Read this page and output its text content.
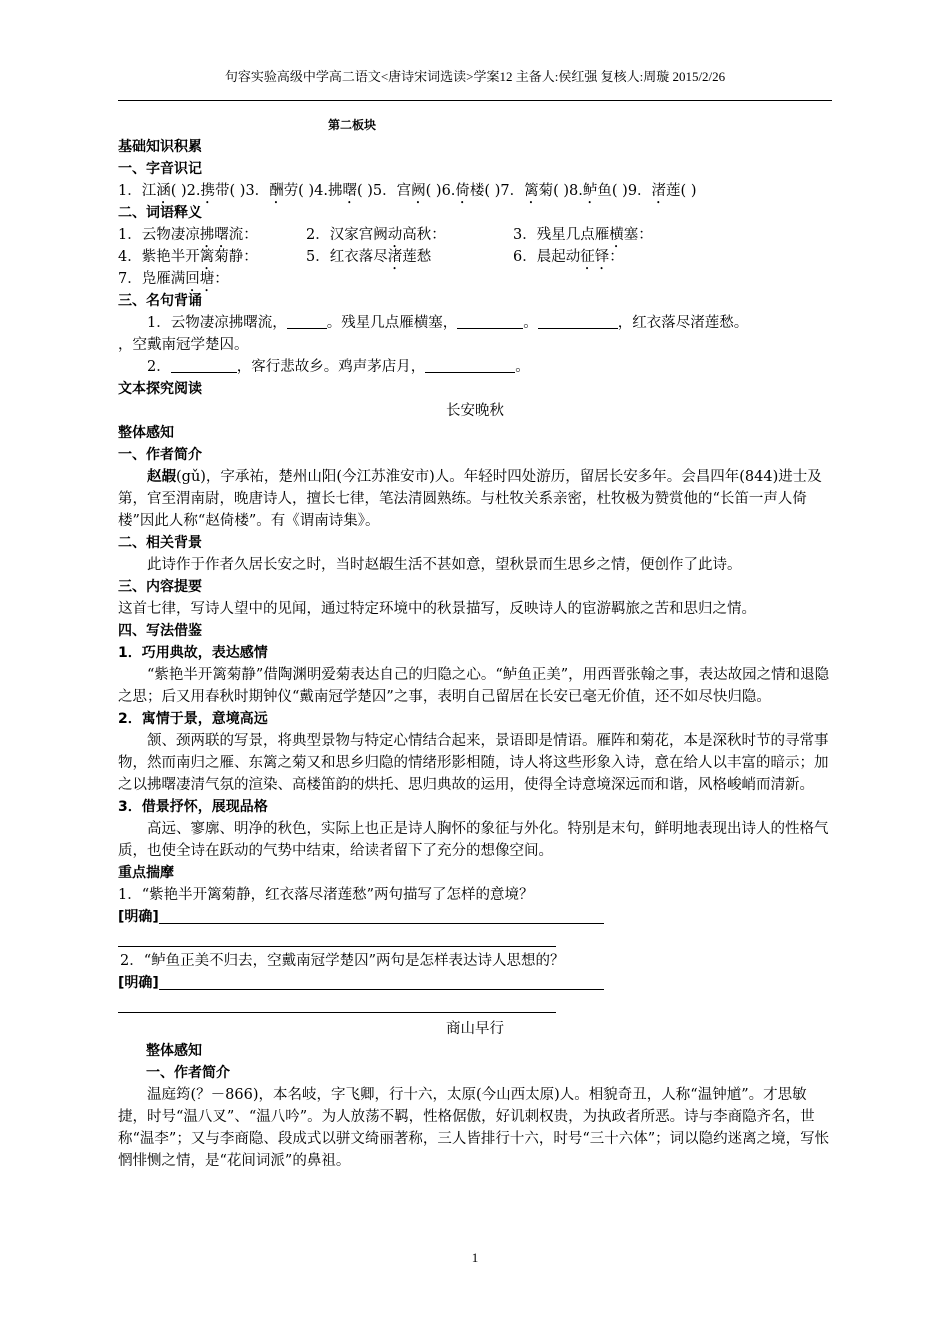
句容实验高级中学高二语文<唐诗宋词选读>学案12 主备人:侯红强 复核人:周璇 2015/2/26
第二板块
基础知识积累
一、字音识记
1．江涵( )2.携带( )3．酬劳( )4.拂曙( )5．宫阙( )6.倚楼( )7．篱菊( )8.鲈鱼( )9．渚莲( )
二、词语释义
1．云物凄凉拂曙流：	2．汉家宫阙动高秋：	3．残星几点雁横塞：
4．紫艳半开篱菊静：	5．红衣落尽渚莲愁	6．晨起动征铎：
7．凫雁满回塘：
三、名句背诵
1．云物凄凉拂曙流，	。残星几点雁横塞，	。	，红衣落尽渚莲愁。
，空戴南冠学楚囚。
2．	，客行悲故乡。鸡声茅店月，	。
文本探究阅读
长安晚秋
整体感知
一、作者简介
赵嘏(gǔ)，字承祐，楚州山阳(今江苏淮安市)人。年轻时四处游历，留居长安多年。会昌四年(844)进士及第，官至渭南尉，晚唐诗人，擅长七律，笔法清圆熟练。与杜牧关系亲密，杜牧极为赞赏他的“长笛一声人倚楼”因此人称“赵倚楼”。有《谓南诗集》。
二、相关背景
此诗作于作者久居长安之时，当时赵嘏生活不甚如意，望秋景而生思乡之情，便创作了此诗。
三、内容提要
这首七律，写诗人望中的见闻，通过特定环境中的秋景描写，反映诗人的宦游羁旅之苦和思归之情。
四、写法借鉴
1．巧用典故，表达感情
“紫艳半开篱菊静”借陶渊明爱菊表达自己的归隐之心。“鲈鱼正美”，用西晋张翰之事，表达故园之情和退隐之思；后又用春秋时期钟仪“戴南冠学楚囚”之事，表明自己留居在长安已毫无价值，还不如尽快归隐。
2．寓情于景，意境高远
颔、颈两联的写景，将典型景物与特定心情结合起来，景语即是情语。雁阵和菊花，本是深秋时节的寻常事物，然而南归之雁、东篱之菊又和思乡归隐的情绪形影相随，诗人将这些形象入诗，意在给人以丰富的暗示；加之以拂曙凄清气氛的渲染、高楼笛韵的烘托、思归典故的运用，使得全诗意境深远而和谐，风格峻峭而清新。
3．借景抒怀，展现品格
高远、寥廓、明净的秋色，实际上也正是诗人胸怀的象征与外化。特别是末句，鲜明地表现出诗人的性格气质，也使全诗在跃动的气势中结束，给读者留下了充分的想像空间。
重点揣摩
1．“紫艳半开篱菊静，红衣落尽渚莲愁”两句描写了怎样的意境？
[明确]
2．“鲈鱼正美不归去，空戴南冠学楚囚”两句是怎样表达诗人思想的？
[明确]
商山早行
整体感知
一、作者简介
温庭筠(？－866)，本名岐，字飞卿，行十六，太原(今山西太原)人。相貌奇丑，人称“温钟馗”。才思敏捷，时号“温八叉”、“温八吟”。为人放荡不羁，性格倨傲，好讥刺权贵，为执政者所恶。诗与李商隐齐名，世称“温李”；又与李商隐、段成式以骈文绮丽著称，三人皆排行十六，时号“三十六体”；词以隐约迷离之境，写怅惘悱恻之情，是“花间词派”的鼻祖。
1
